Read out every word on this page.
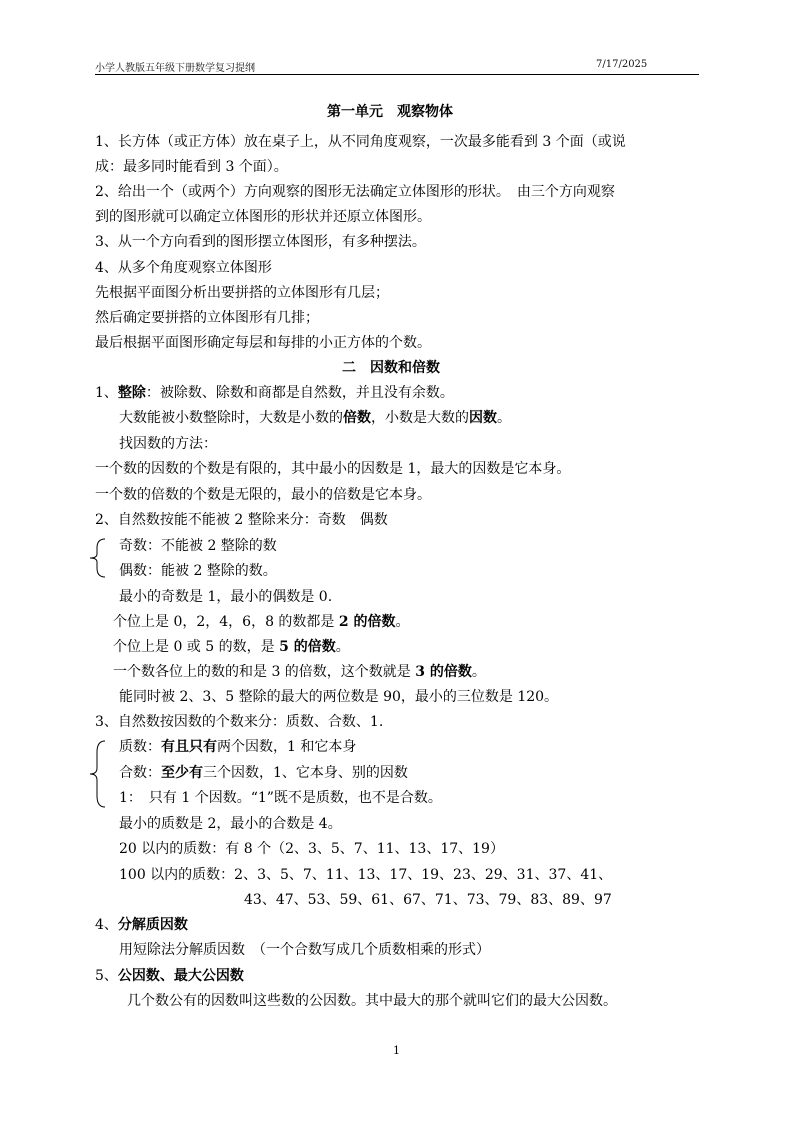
小学人教版五年级下册数学复习提纲	7/17/2025
第一单元　观察物体
1、长方体（或正方体）放在桌子上，从不同角度观察，一次最多能看到 3 个面（或说
成：最多同时能看到 3 个面）。
2、给出一个（或两个）方向观察的图形无法确定立体图形的形状。　由三个方向观察
到的图形就可以确定立体图形的形状并还原立体图形。
3、从一个方向看到的图形摆立体图形，有多种摆法。
4、从多个角度观察立体图形
先根据平面图分析出要拼搭的立体图形有几层；
然后确定要拼搭的立体图形有几排；
最后根据平面图形确定每层和每排的小正方体的个数。
二　因数和倍数
1、整除：被除数、除数和商都是自然数，并且没有余数。
大数能被小数整除时，大数是小数的倍数，小数是大数的因数。
找因数的方法：
一个数的因数的个数是有限的，其中最小的因数是 1，最大的因数是它本身。
一个数的倍数的个数是无限的，最小的倍数是它本身。
2、自然数按能不能被 2 整除来分：奇数　偶数
奇数：不能被 2 整除的数
偶数：能被 2 整除的数。
最小的奇数是 1，最小的偶数是 0.
个位上是 0，2，4，6，8 的数都是 2 的倍数。
个位上是 0 或 5 的数，是 5 的倍数。
一个数各位上的数的和是 3 的倍数，这个数就是 3 的倍数。
能同时被 2、3、5 整除的最大的两位数是 90，最小的三位数是 120。
3、自然数按因数的个数来分：质数、合数、1.
质数：有且只有两个因数，1 和它本身
合数：至少有三个因数，1、它本身、别的因数
1：　只有 1 个因数。“1”既不是质数，也不是合数。
最小的质数是 2，最小的合数是 4。
20 以内的质数：有 8 个（2、3、5、7、11、13、17、19）
100 以内的质数：2、3、5、7、11、13、17、19、23、29、31、37、41、
43、47、53、59、61、67、71、73、79、83、89、97
4、分解质因数
用短除法分解质因数　（一个合数写成几个质数相乘的形式）
5、公因数、最大公因数
几个数公有的因数叫这些数的公因数。其中最大的那个就叫它们的最大公因数。
1
